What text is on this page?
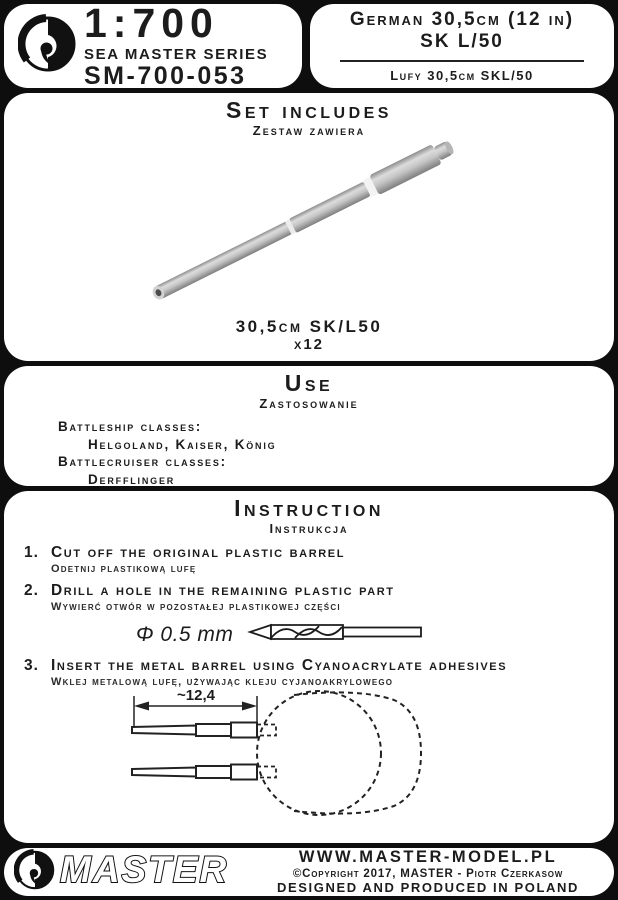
1:700
SEA MASTER SERIES
SM-700-053
German 30,5cm (12 in)
SK L/50
Lufy 30,5cm SKL/50
Set includes
Zestaw zawiera
30,5cm SK/L50
x12
Use
Zastosowanie
Battleship classes:
Helgoland, Kaiser, König
Battlecruiser classes:
Derfflinger
Instruction
Instrukcja
1. Cut off the original plastic barrel
Odetnij plastikową lufę
2. Drill a hole in the remaining plastic part
Wywierć otwór w pozostałej plastikowej części
Φ 0.5 mm
3. Insert the metal barrel using Cyanoacrylate adhesives
Wklej metalową lufę, używając kleju cyjanoakrylowego
~12,4
MASTER	WWW.MASTER-MODEL.PL
©Copyright 2017, MASTER - Piotr Czerkasow
DESIGNED AND PRODUCED IN POLAND
